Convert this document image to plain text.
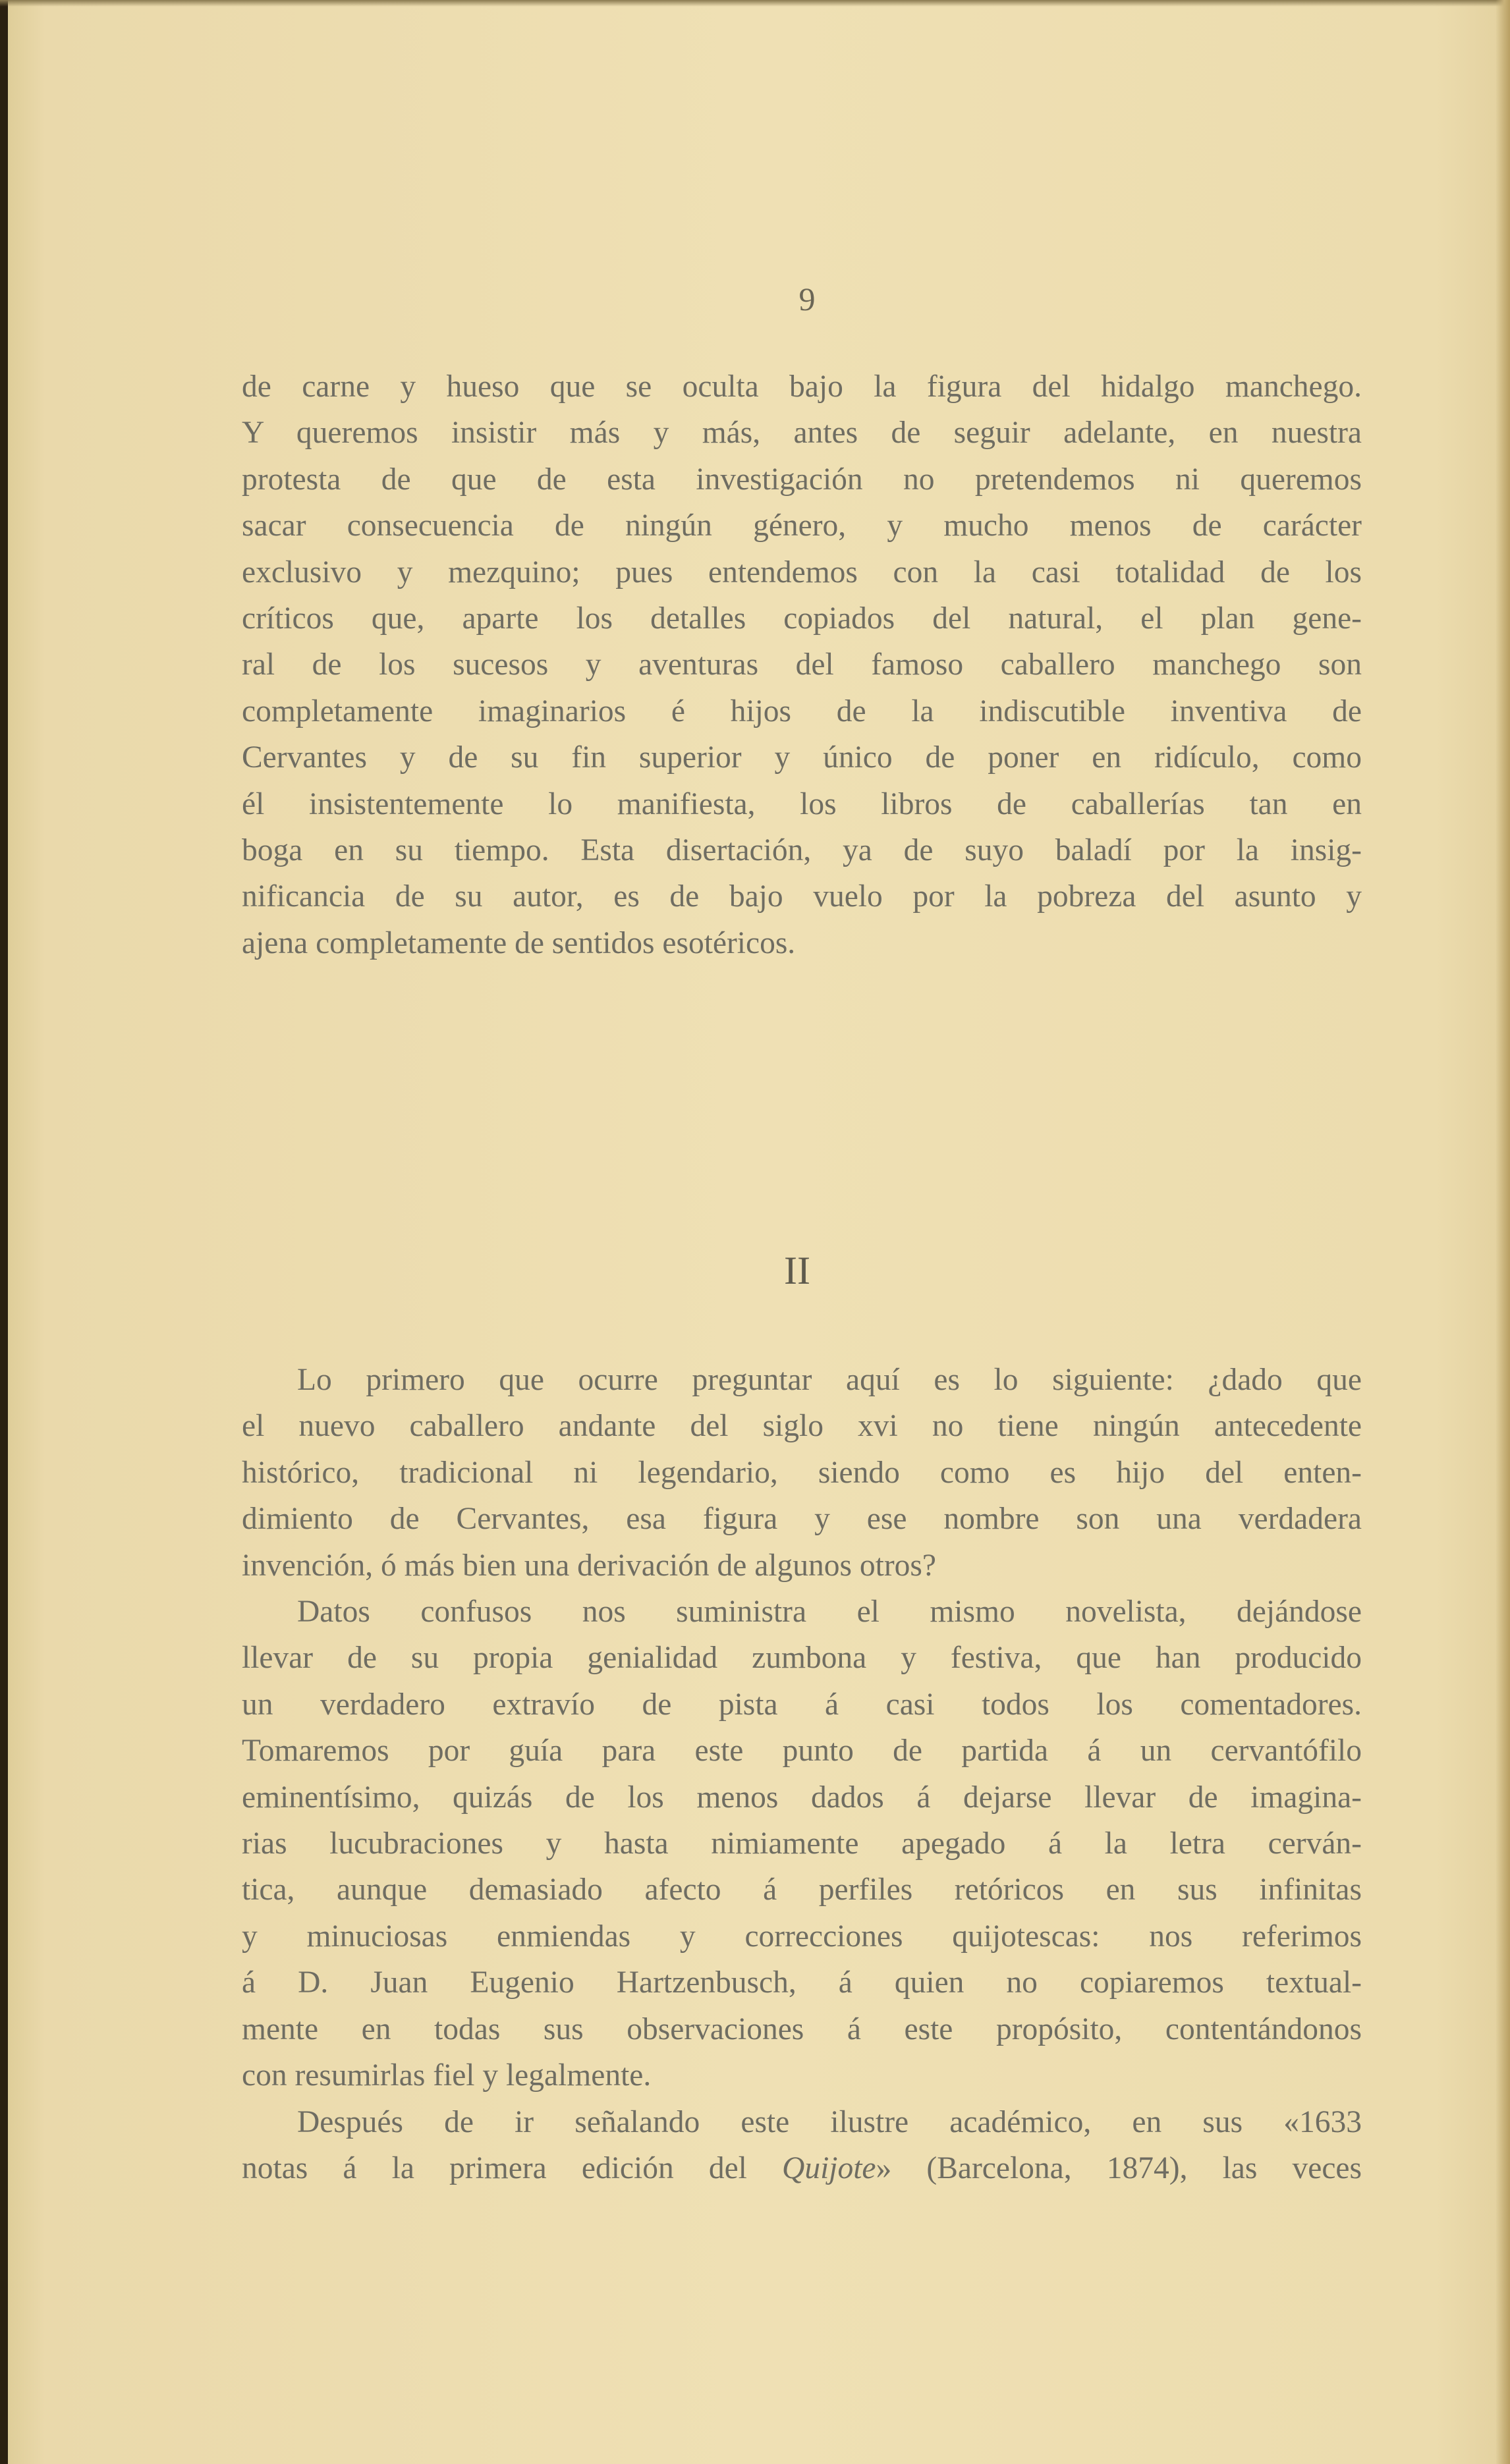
9
de carne y hueso que se oculta bajo la figura del hidalgo manchego.
Y queremos insistir más y más, antes de seguir adelante, en nuestra
protesta de que de esta investigación no pretendemos ni queremos
sacar consecuencia de ningún género, y mucho menos de carácter
exclusivo y mezquino; pues entendemos con la casi totalidad de los
críticos que, aparte los detalles copiados del natural, el plan gene-
ral de los sucesos y aventuras del famoso caballero manchego son
completamente imaginarios é hijos de la indiscutible inventiva de
Cervantes y de su fin superior y único de poner en ridículo, como
él insistentemente lo manifiesta, los libros de caballerías tan en
boga en su tiempo. Esta disertación, ya de suyo baladí por la insig-
nificancia de su autor, es de bajo vuelo por la pobreza del asunto y
ajena completamente de sentidos esotéricos.
II
Lo primero que ocurre preguntar aquí es lo siguiente: ¿dado que
el nuevo caballero andante del siglo xvi no tiene ningún antecedente
histórico, tradicional ni legendario, siendo como es hijo del enten-
dimiento de Cervantes, esa figura y ese nombre son una verdadera
invención, ó más bien una derivación de algunos otros?
Datos confusos nos suministra el mismo novelista, dejándose
llevar de su propia genialidad zumbona y festiva, que han producido
un verdadero extravío de pista á casi todos los comentadores.
Tomaremos por guía para este punto de partida á un cervantófilo
eminentísimo, quizás de los menos dados á dejarse llevar de imagina-
rias lucubraciones y hasta nimiamente apegado á la letra cerván-
tica, aunque demasiado afecto á perfiles retóricos en sus infinitas
y minuciosas enmiendas y correcciones quijotescas: nos referimos
á D. Juan Eugenio Hartzenbusch, á quien no copiaremos textual-
mente en todas sus observaciones á este propósito, contentándonos
con resumirlas fiel y legalmente.
Después de ir señalando este ilustre académico, en sus «1633
notas á la primera edición del Quijote» (Barcelona, 1874), las veces
